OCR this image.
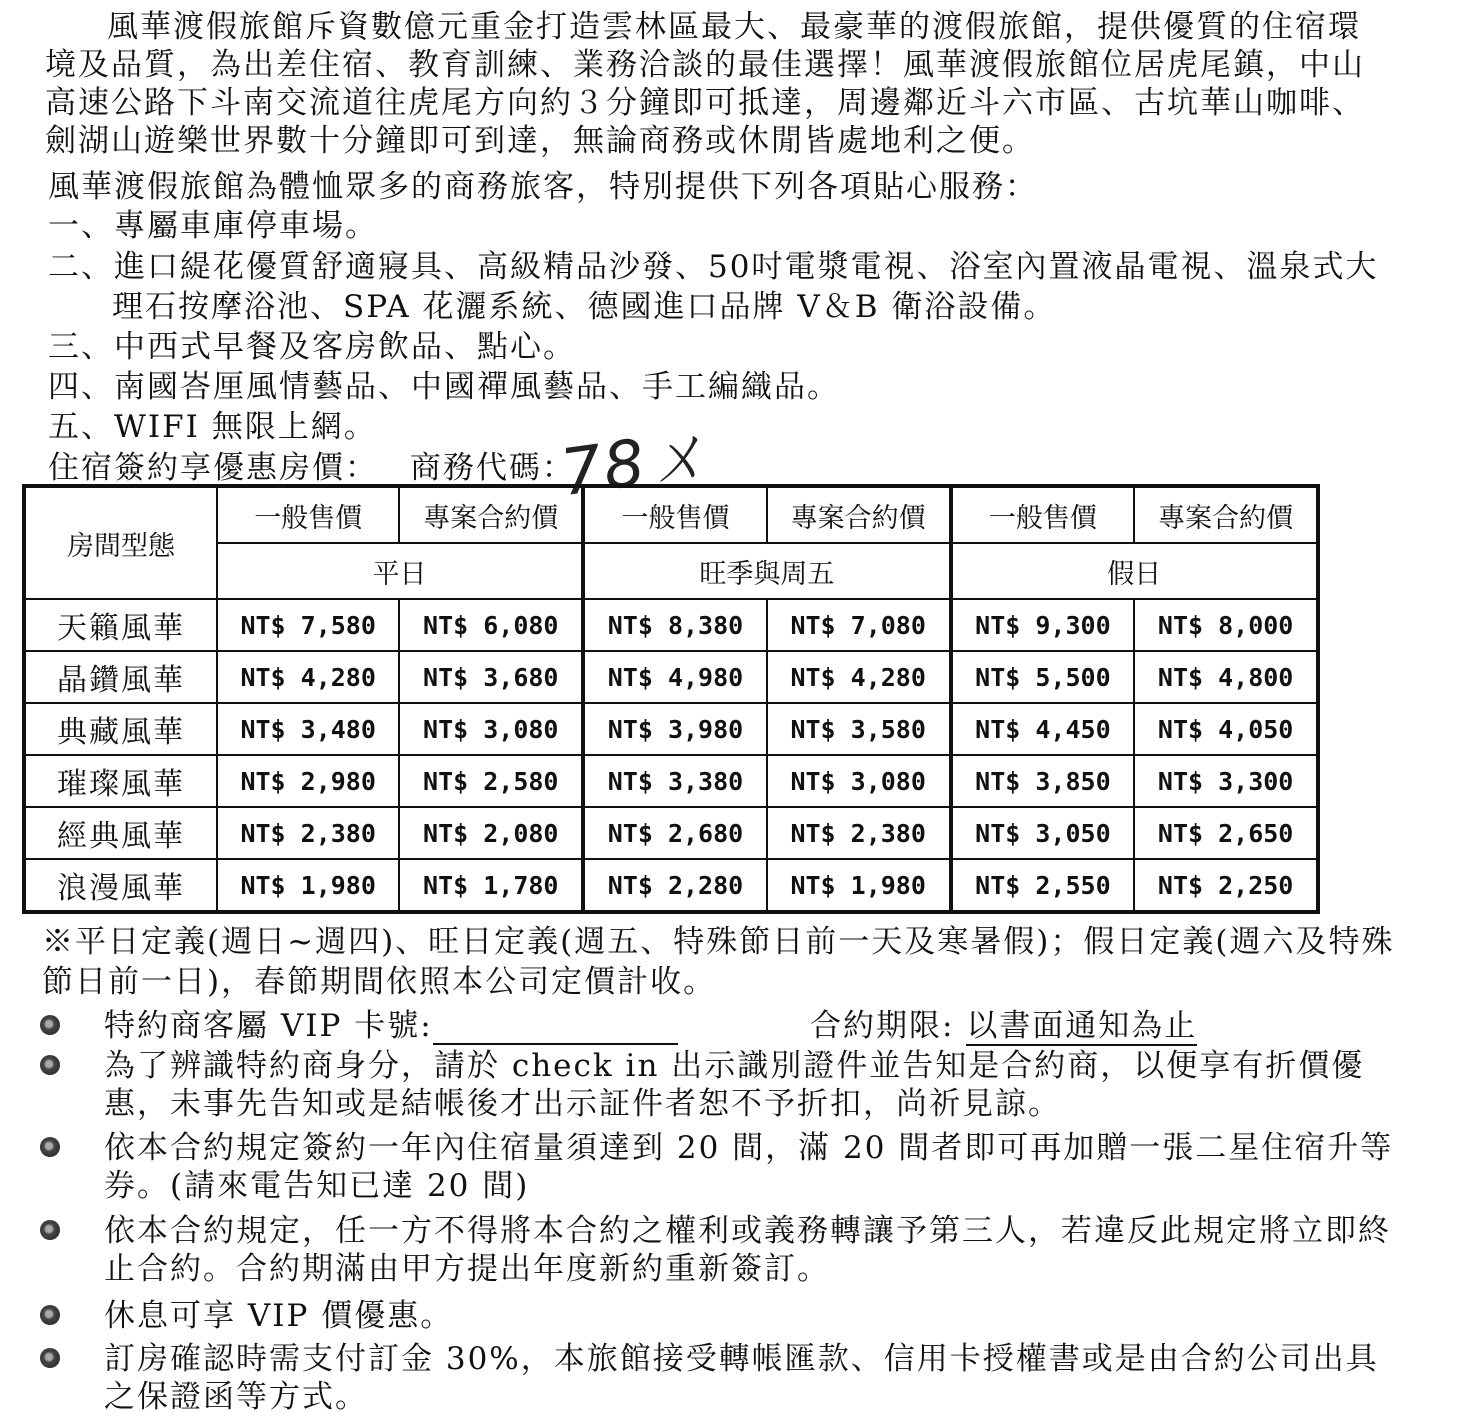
風華渡假旅館斥資數億元重金打造雲林區最大、最豪華的渡假旅館，提供優質的住宿環境及品質，為出差住宿、教育訓練、業務洽談的最佳選擇！風華渡假旅館位居虎尾鎮，中山高速公路下斗南交流道往虎尾方向約３分鐘即可抵達，周邊鄰近斗六市區、古坑華山咖啡、劍湖山遊樂世界數十分鐘即可到達，無論商務或休閒皆處地利之便。
風華渡假旅館為體恤眾多的商務旅客，特別提供下列各項貼心服務：
一、專屬車庫停車場。
二、進口緹花優質舒適寢具、高級精品沙發、50吋電漿電視、浴室內置液晶電視、溫泉式大
理石按摩浴池、SPA 花灑系統、德國進口品牌 V＆B 衛浴設備。
三、中西式早餐及客房飲品、點心。
四、南國峇厘風情藝品、中國禪風藝品、手工編織品。
五、WIFI 無限上網。
住宿簽約享優惠房價： 商務代碼：
78ㄨ
房間型態	一般售價	專案合約價	一般售價	專案合約價	一般售價	專案合約價
	平日		旺季與周五		假日	
天籟風華	NT$ 7,580	NT$ 6,080	NT$ 8,380	NT$ 7,080	NT$ 9,300	NT$ 8,000
晶鑽風華	NT$ 4,280	NT$ 3,680	NT$ 4,980	NT$ 4,280	NT$ 5,500	NT$ 4,800
典藏風華	NT$ 3,480	NT$ 3,080	NT$ 3,980	NT$ 3,580	NT$ 4,450	NT$ 4,050
璀璨風華	NT$ 2,980	NT$ 2,580	NT$ 3,380	NT$ 3,080	NT$ 3,850	NT$ 3,300
經典風華	NT$ 2,380	NT$ 2,080	NT$ 2,680	NT$ 2,380	NT$ 3,050	NT$ 2,650
浪漫風華	NT$ 1,980	NT$ 1,780	NT$ 2,280	NT$ 1,980	NT$ 2,550	NT$ 2,250
※平日定義(週日~週四)、旺日定義(週五、特殊節日前一天及寒暑假)；假日定義(週六及特殊節日前一日)，春節期間依照本公司定價計收。
特約商客屬 VIP 卡號:	合約期限: 以書面通知為止
為了辨識特約商身分，請於 check in 出示識別證件並告知是合約商，以便享有折價優惠，未事先告知或是結帳後才出示証件者恕不予折扣，尚祈見諒。
依本合約規定簽約一年內住宿量須達到 20 間，滿 20 間者即可再加贈一張二星住宿升等券。(請來電告知已達 20 間)
依本合約規定，任一方不得將本合約之權利或義務轉讓予第三人，若違反此規定將立即終止合約。合約期滿由甲方提出年度新約重新簽訂。
休息可享 VIP 價優惠。
訂房確認時需支付訂金 30%，本旅館接受轉帳匯款、信用卡授權書或是由合約公司出具之保證函等方式。
